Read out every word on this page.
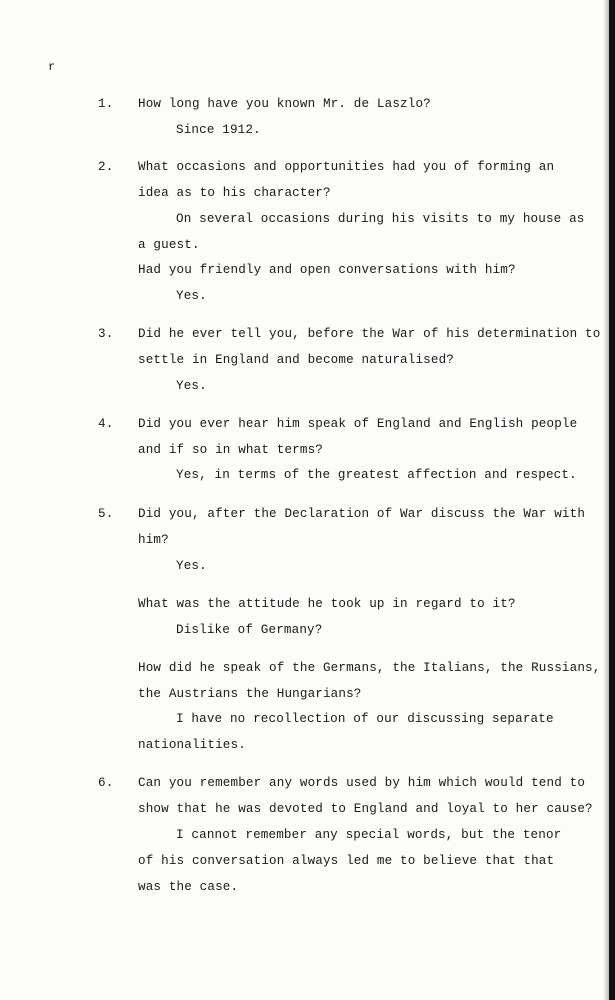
r
1. How long have you known Mr. de Laszlo?
Since 1912.
2. What occasions and opportunities had you of forming an
idea as to his character?
On several occasions during his visits to my house as
a guest.
Had you friendly and open conversations with him?
Yes.
3. Did he ever tell you, before the War of his determination to
settle in England and become naturalised?
Yes.
4. Did you ever hear him speak of England and English people
and if so in what terms?
Yes, in terms of the greatest affection and respect.
5. Did you, after the Declaration of War discuss the War with
him?
Yes.
What was the attitude he took up in regard to it?
Dislike of Germany?
How did he speak of the Germans, the Italians, the Russians,
the Austrians the Hungarians?
I have no recollection of our discussing separate
nationalities.
6. Can you remember any words used by him which would tend to
show that he was devoted to England and loyal to her cause?
I cannot remember any special words, but the tenor
of his conversation always led me to believe that that
was the case.
